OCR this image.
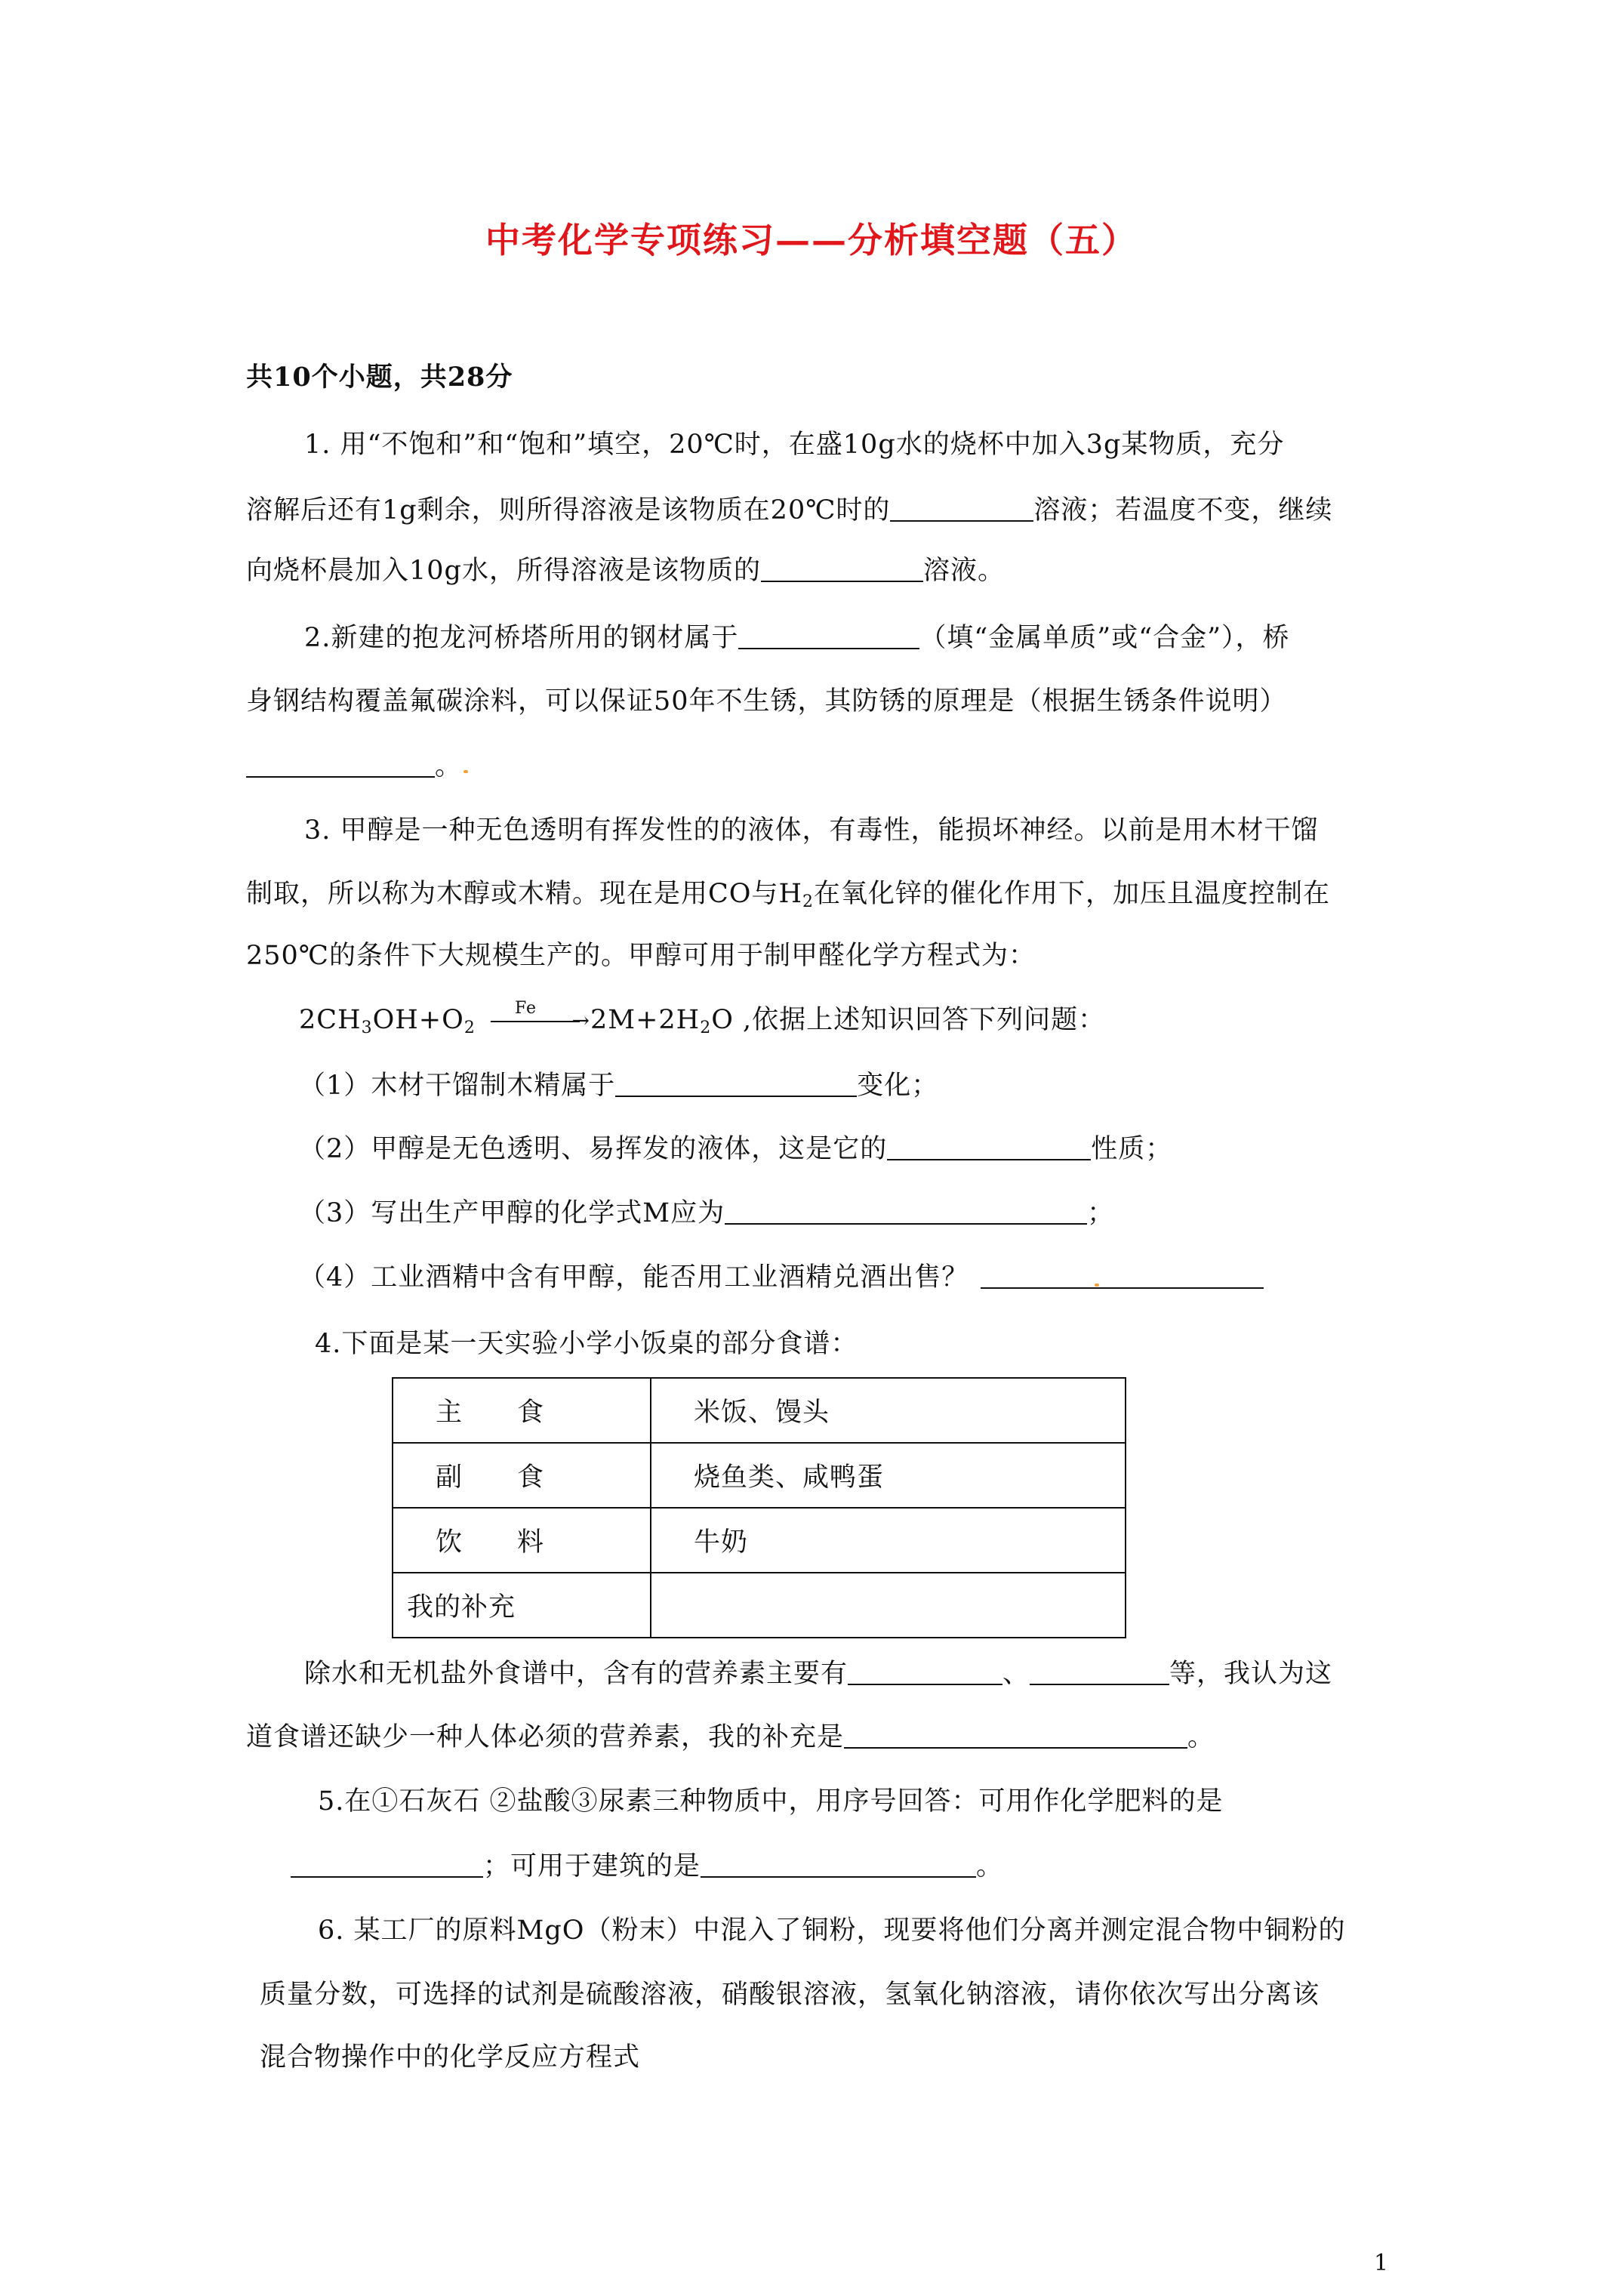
中考化学专项练习——分析填空题（五）
共10个小题，共28分
1. 用“不饱和”和“饱和”填空，20℃时，在盛10g水的烧杯中加入3g某物质，充分
溶解后还有1g剩余，则所得溶液是该物质在20℃时的	溶液；若温度不变，继续
向烧杯晨加入10g水，所得溶液是该物质的	溶液。
2.新建的抱龙河桥塔所用的钢材属于	（填“金属单质”或“合金”），桥
身钢结构覆盖氟碳涂料，可以保证50年不生锈，其防锈的原理是（根据生锈条件说明）
。
3. 甲醇是一种无色透明有挥发性的的液体，有毒性，能损坏神经。以前是用木材干馏
制取，所以称为木醇或木精。现在是用CO与$H_2$在氧化锌的催化作用下，加压且温度控制在
250℃的条件下大规模生产的。甲醇可用于制甲醛化学方程式为：
$2CH_3OH+O_2$
$Fe \to 2M+2H_2O$ ,依据上述知识回答下列问题：
（1）木材干馏制木精属于	变化；
（2）甲醇是无色透明、易挥发的液体，这是它的	性质；
（3）写出生产甲醇的化学式M应为	；
（4）工业酒精中含有甲醇，能否用工业酒精兑酒出售？
4.下面是某一天实验小学小饭桌的部分食谱：
主　　食	米饭、馒头
副　　食	烧鱼类、咸鸭蛋
饮　　料	牛奶
我的补充	
除水和无机盐外食谱中，含有的营养素主要有	、	等，我认为这
道食谱还缺少一种人体必须的营养素，我的补充是	。
5.在①石灰石 ②盐酸③尿素三种物质中，用序号回答：可用作化学肥料的是
；可用于建筑的是	。
6. 某工厂的原料MgO（粉末）中混入了铜粉，现要将他们分离并测定混合物中铜粉的
质量分数，可选择的试剂是硫酸溶液，硝酸银溶液，氢氧化钠溶液，请你依次写出分离该
混合物操作中的化学反应方程式
1
